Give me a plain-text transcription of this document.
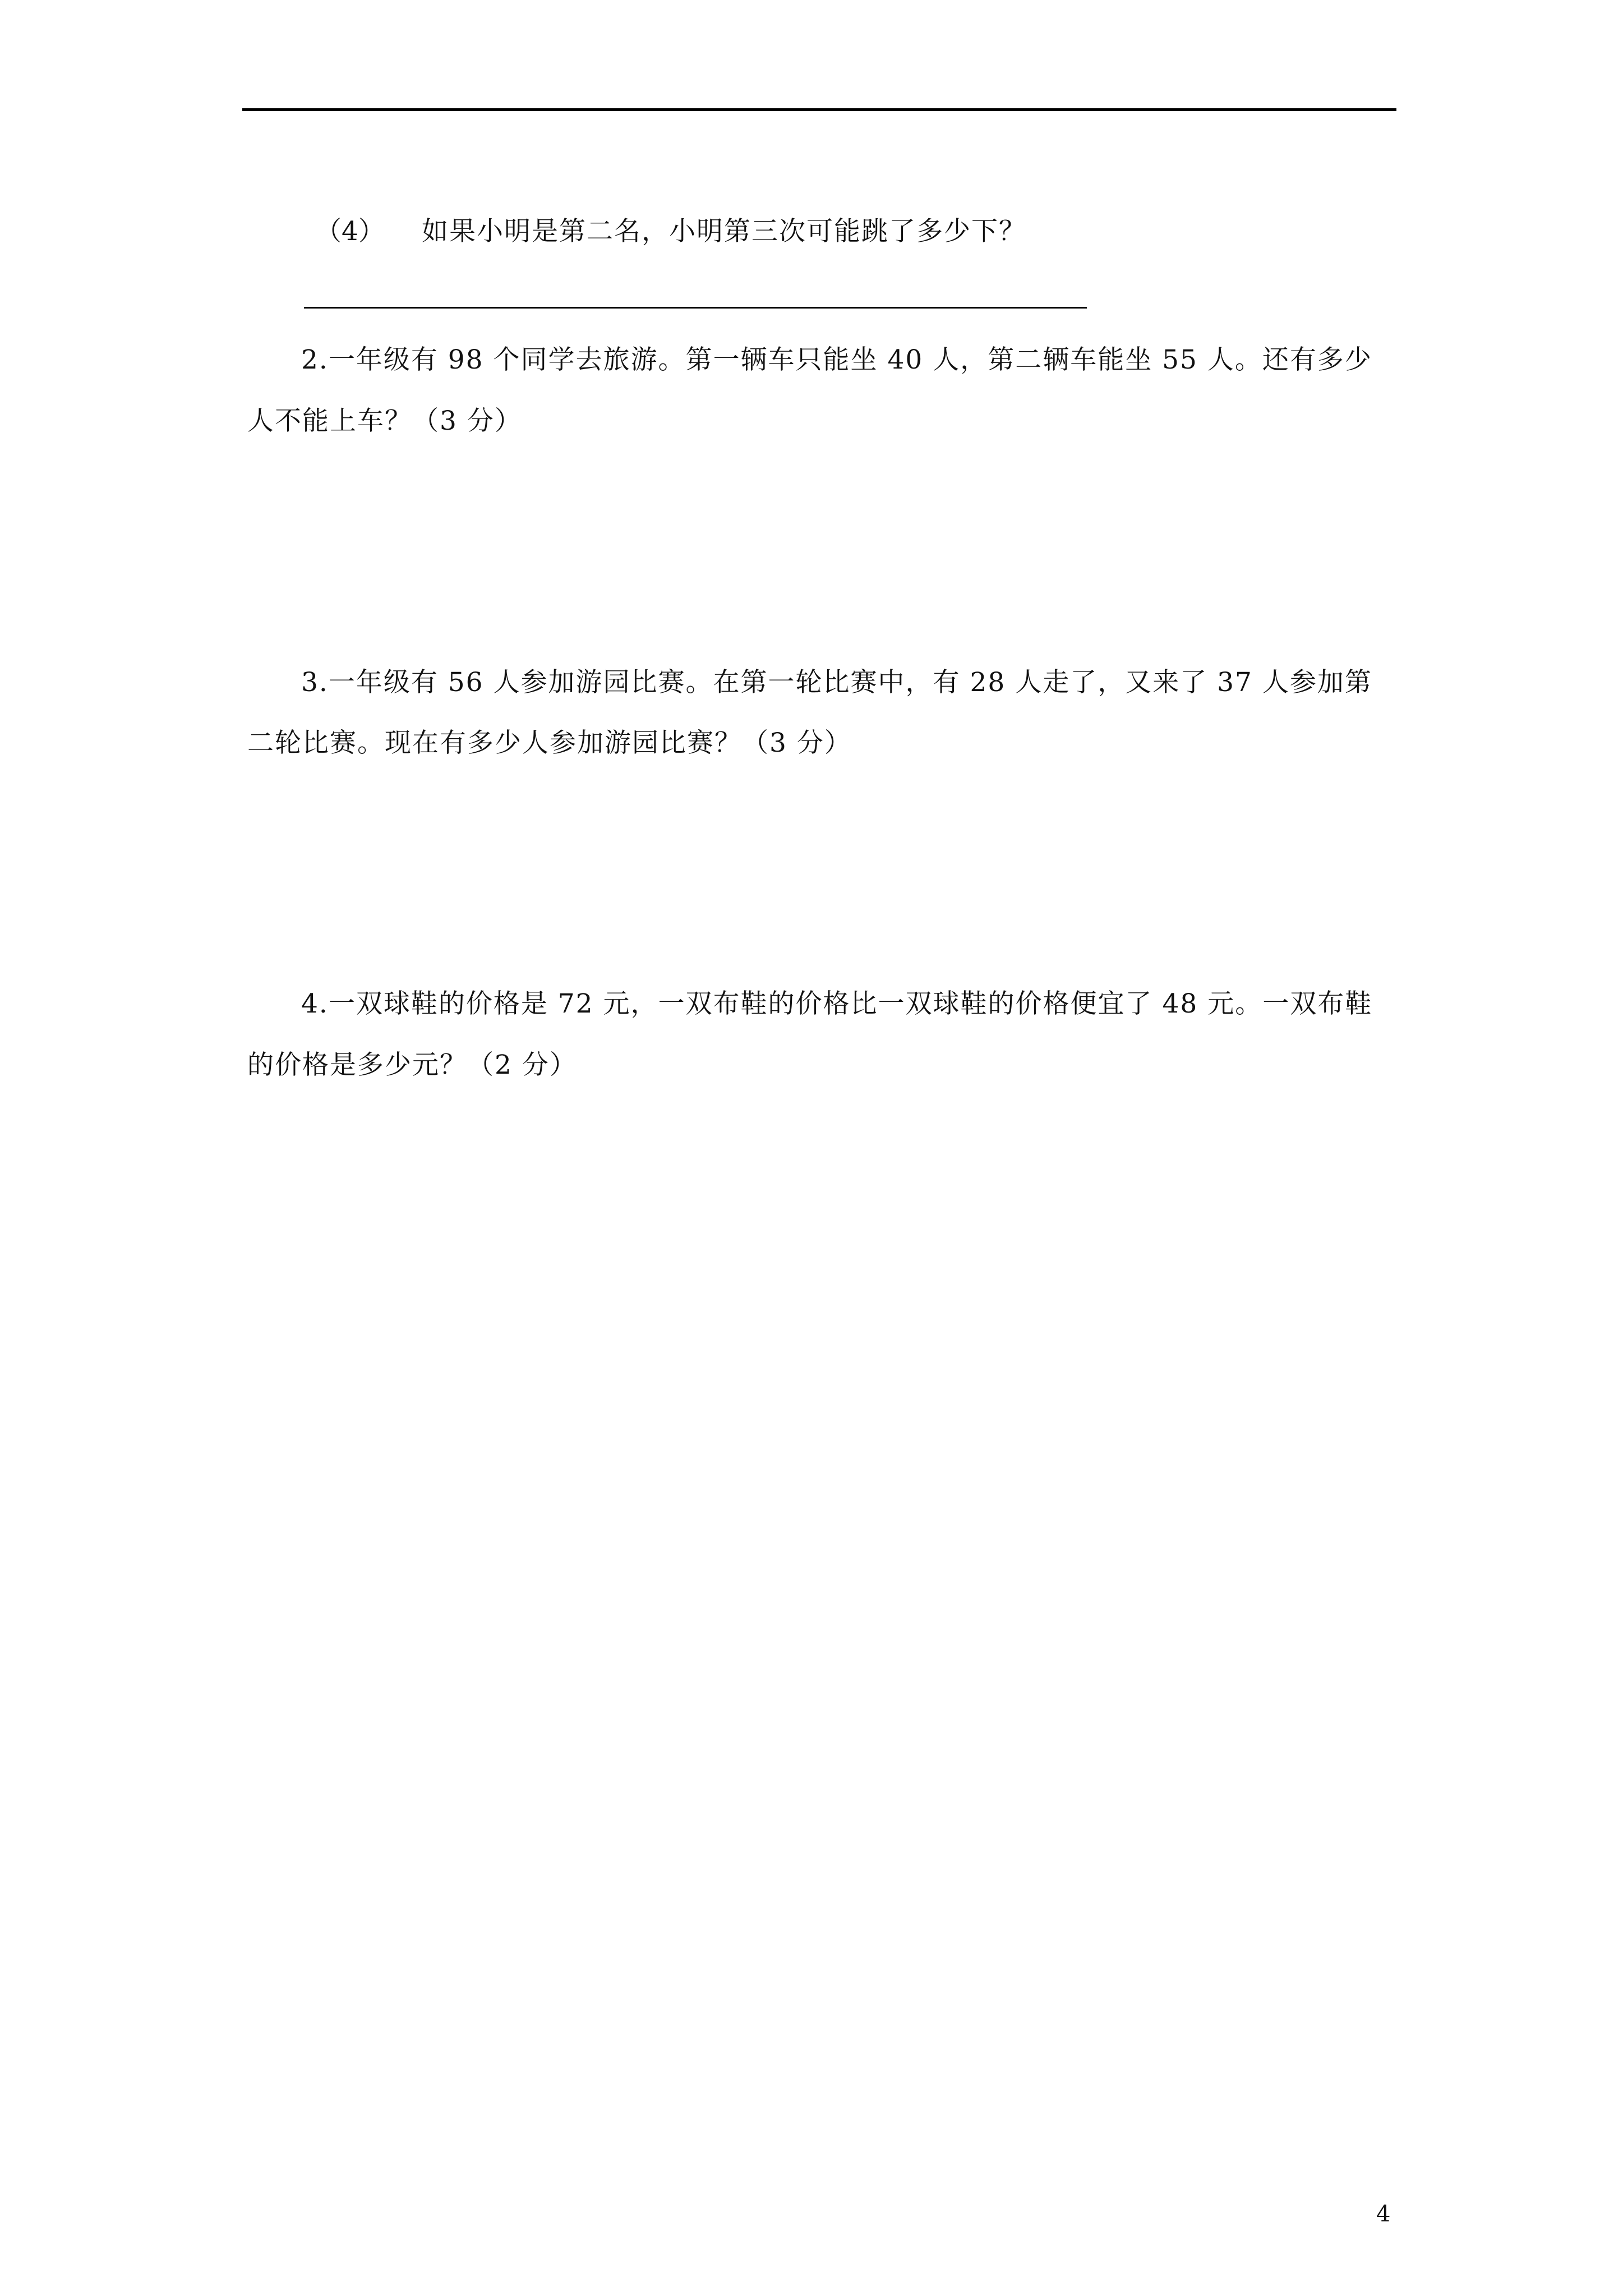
（4） 如果小明是第二名，小明第三次可能跳了多少下？
2.一年级有 98 个同学去旅游。第一辆车只能坐 40 人，第二辆车能坐 55 人。还有多少
人不能上车？（3 分）
3.一年级有 56 人参加游园比赛。在第一轮比赛中，有 28 人走了，又来了 37 人参加第
二轮比赛。现在有多少人参加游园比赛？（3 分）
4.一双球鞋的价格是 72 元，一双布鞋的价格比一双球鞋的价格便宜了 48 元。一双布鞋
的价格是多少元？（2 分）
4
